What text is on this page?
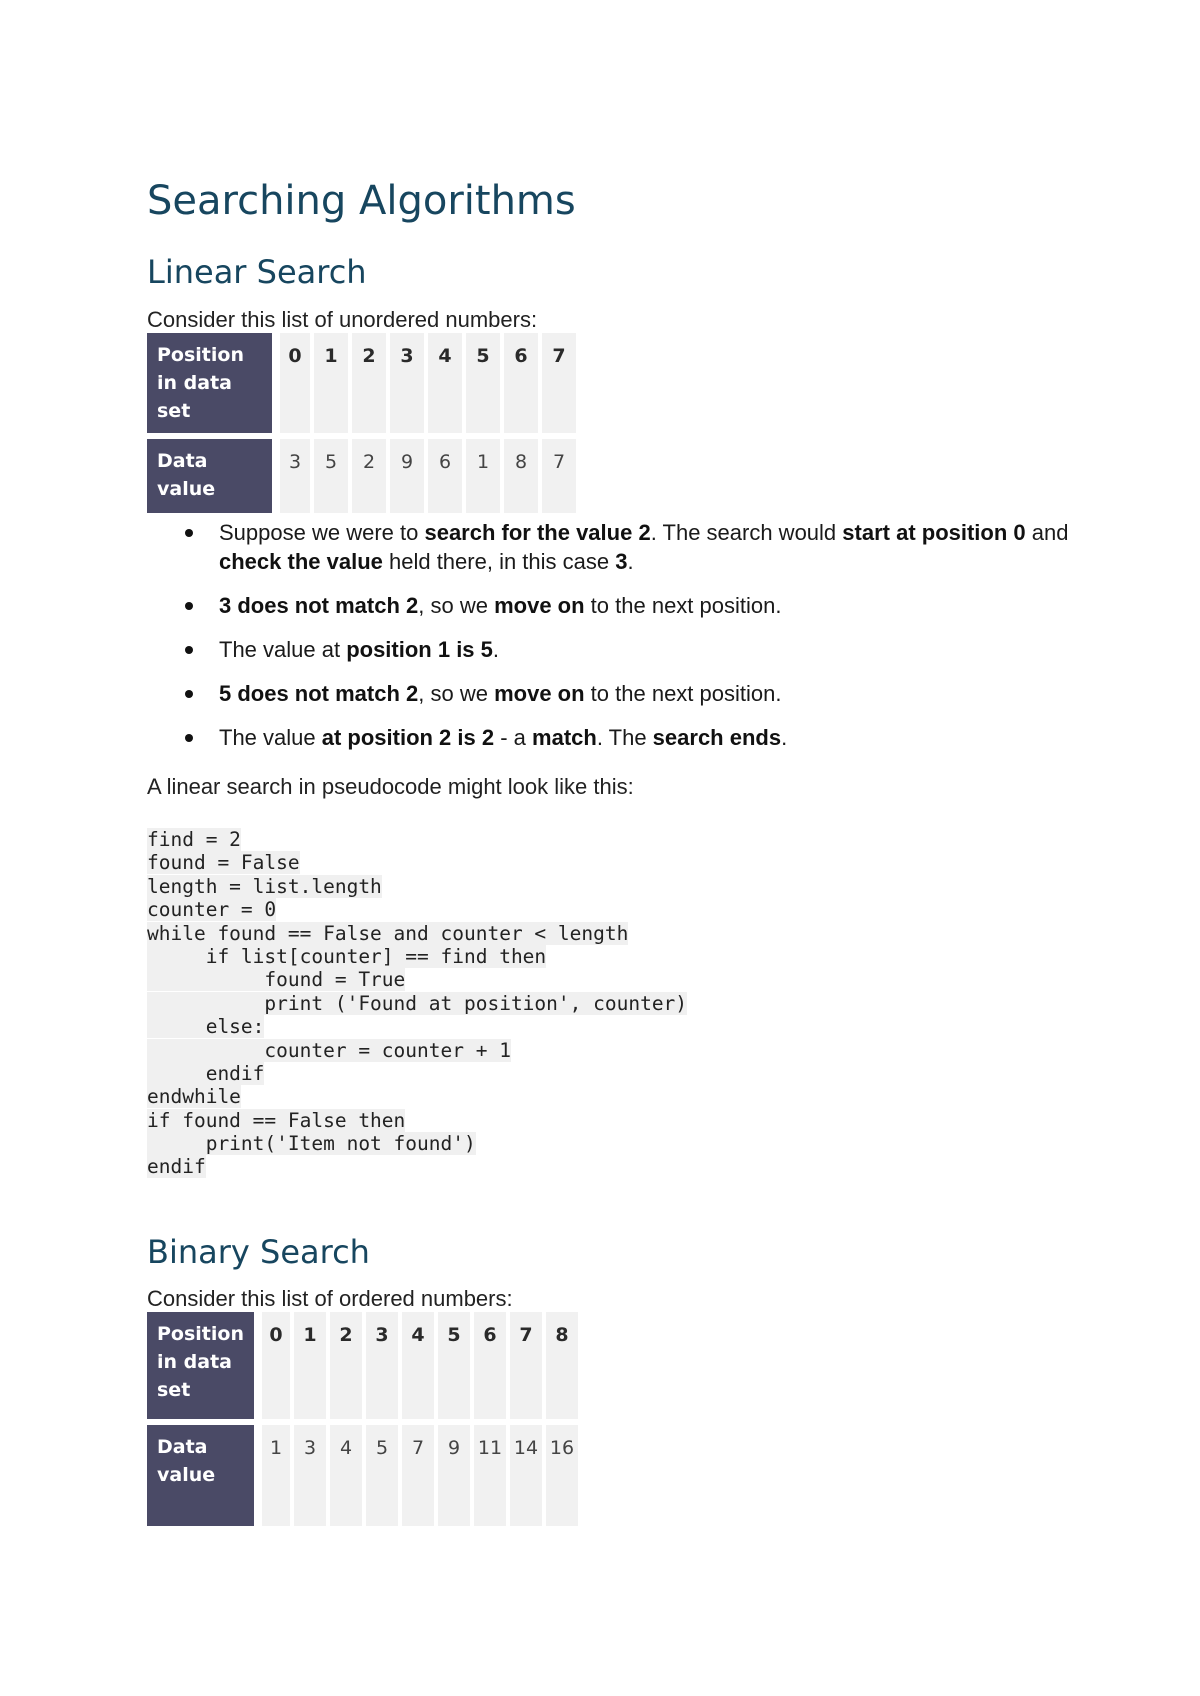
Searching Algorithms
Linear Search
Consider this list of unordered numbers:
Position
in data set	0	1	2	3	4	5	6	7
Data
value	3	5	2	9	6	1	8	7
Suppose we were to search for the value 2. The search would start at position 0 and check the value held there, in this case 3.
3 does not match 2, so we move on to the next position.
The value at position 1 is 5.
5 does not match 2, so we move on to the next position.
The value at position 2 is 2 - a match. The search ends.
A linear search in pseudocode might look like this:
find = 2
found = False
length = list.length
counter = 0
while found == False and counter < length
if list[counter] == find then
found = True
print ('Found at position', counter)
else:
counter = counter + 1
endif
endwhile
if found == False then
print('Item not found')
endif
Binary Search
Consider this list of ordered numbers:
Position
in data
set	0	1	2	3	4	5	6	7	8
Data
value	1	3	4	5	7	9	11	14	16
